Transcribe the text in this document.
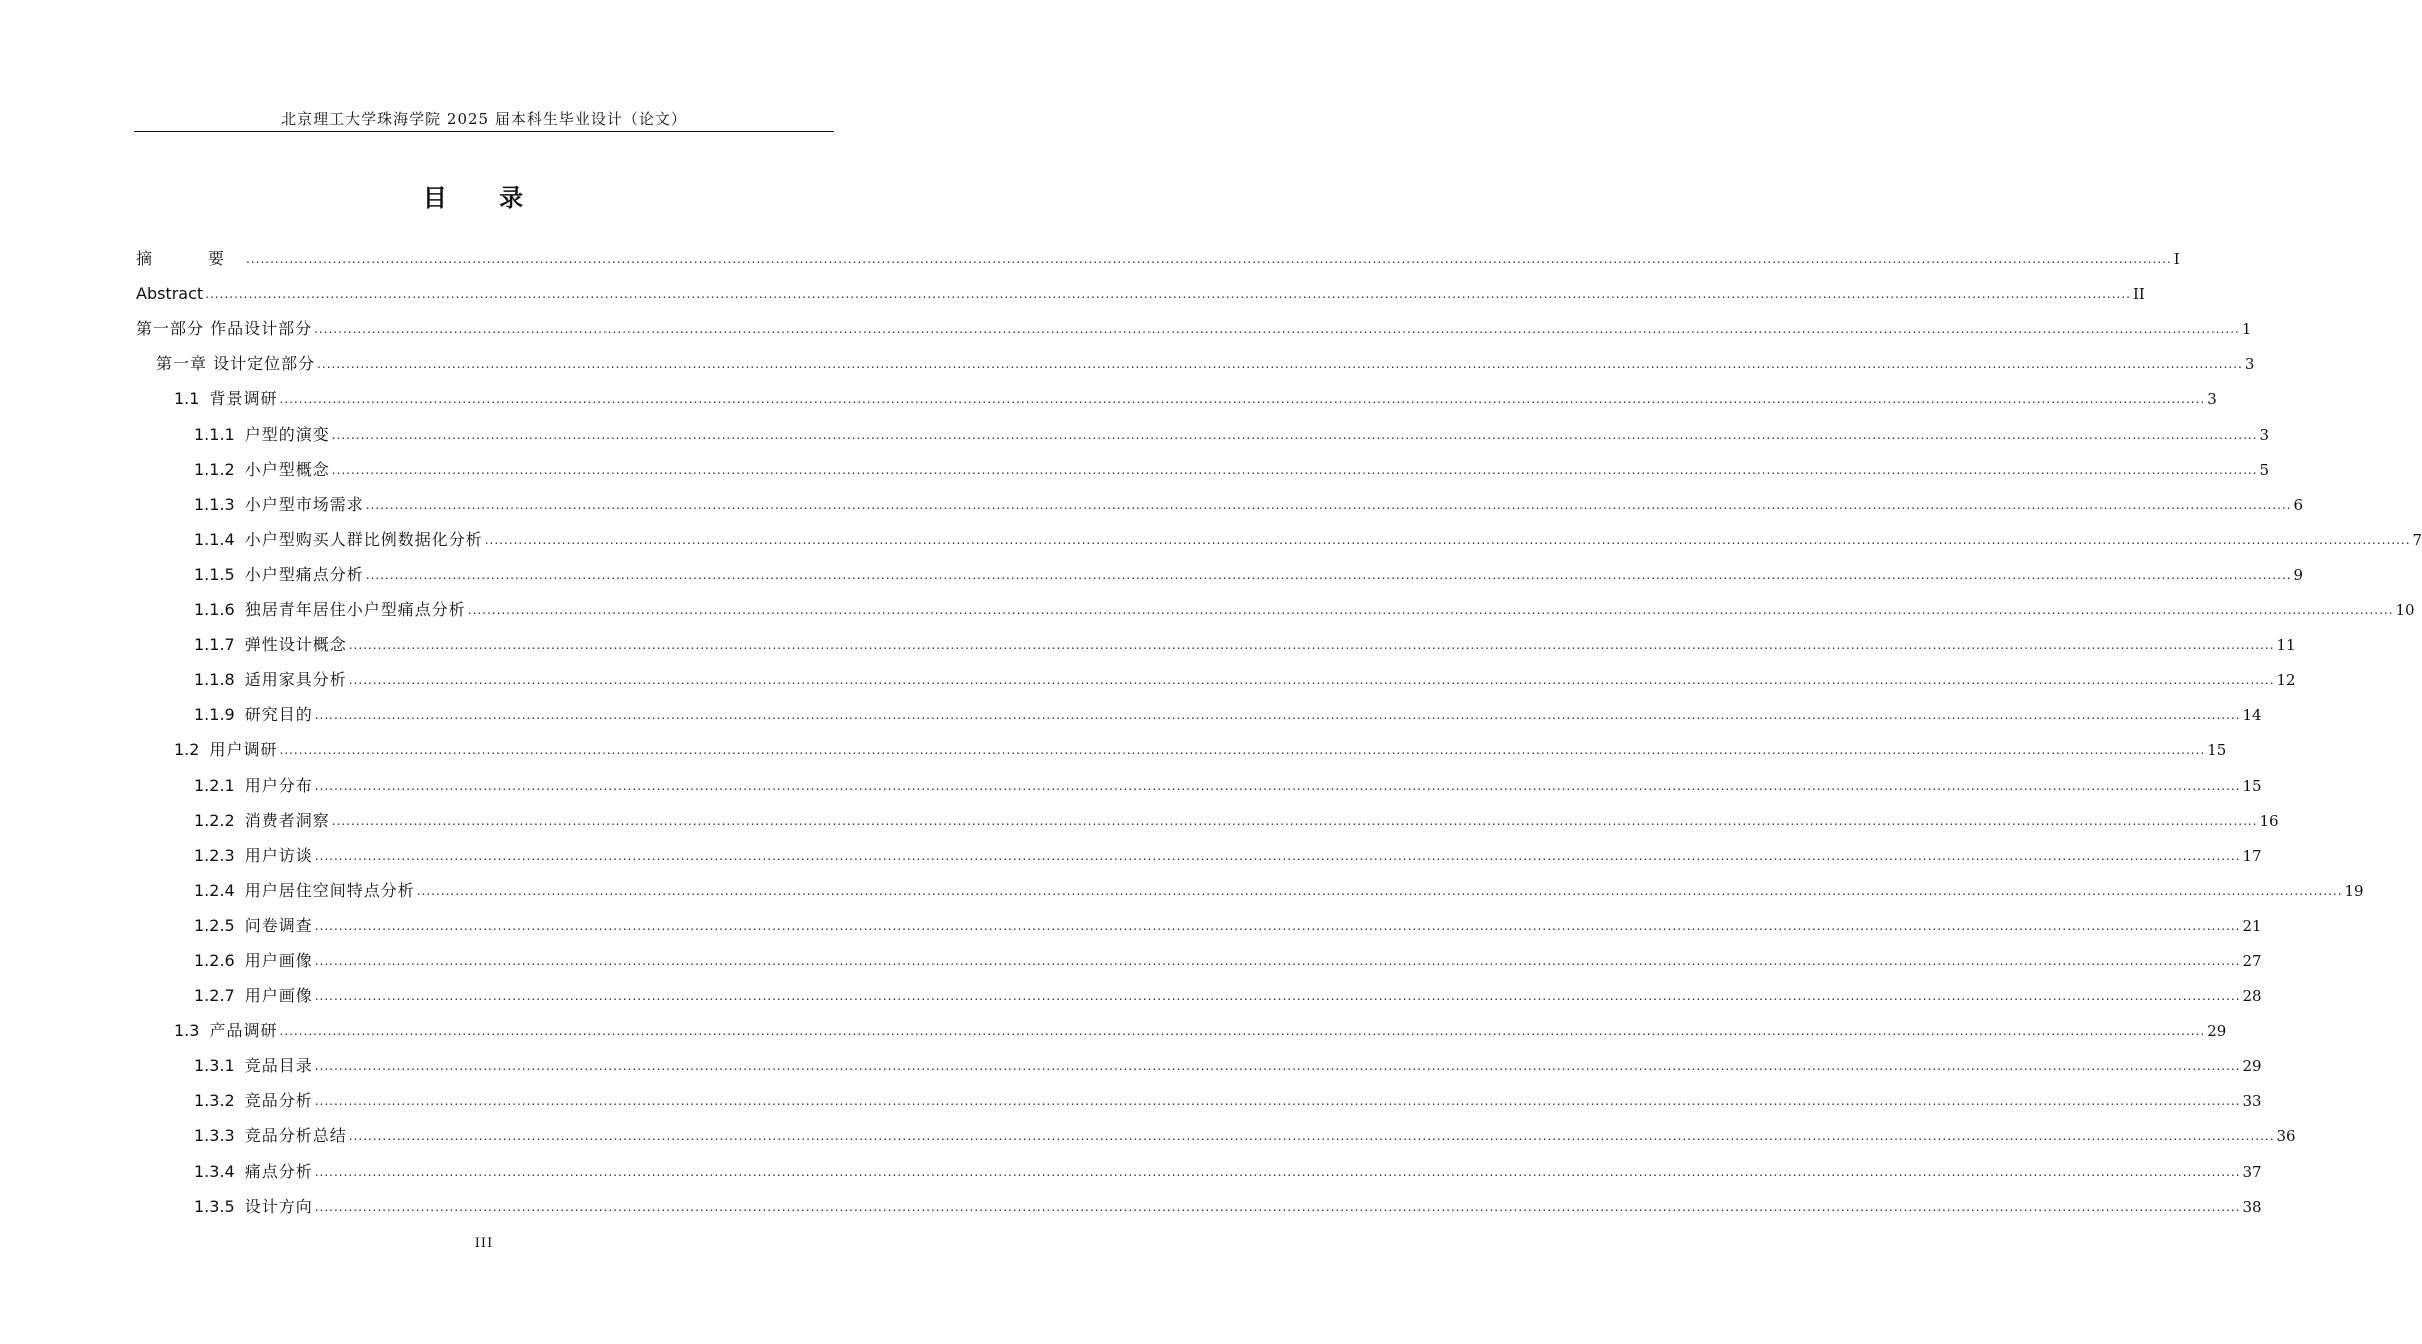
北京理工大学珠海学院 2025 届本科生毕业设计（论文）
目 录
摘　要 ................................................................................................................................................................................................................................................................................................................................................................................................................ I
Abstract ................................................................................................................................................................................................................................................................................................................................................................................................................ II
第一部分 作品设计部分 ................................................................................................................................................................................................................................................................................................................................................................................................................ 1
第一章 设计定位部分 ................................................................................................................................................................................................................................................................................................................................................................................................................ 3
1.1 背景调研 ................................................................................................................................................................................................................................................................................................................................................................................................................ 3
1.1.1 户型的演变 ................................................................................................................................................................................................................................................................................................................................................................................................................ 3
1.1.2 小户型概念 ................................................................................................................................................................................................................................................................................................................................................................................................................ 5
1.1.3 小户型市场需求 ................................................................................................................................................................................................................................................................................................................................................................................................................ 6
1.1.4 小户型购买人群比例数据化分析 ................................................................................................................................................................................................................................................................................................................................................................................................................ 7
1.1.5 小户型痛点分析 ................................................................................................................................................................................................................................................................................................................................................................................................................ 9
1.1.6 独居青年居住小户型痛点分析 ................................................................................................................................................................................................................................................................................................................................................................................................................ 10
1.1.7 弹性设计概念 ................................................................................................................................................................................................................................................................................................................................................................................................................ 11
1.1.8 适用家具分析 ................................................................................................................................................................................................................................................................................................................................................................................................................ 12
1.1.9 研究目的 ................................................................................................................................................................................................................................................................................................................................................................................................................ 14
1.2 用户调研 ................................................................................................................................................................................................................................................................................................................................................................................................................ 15
1.2.1 用户分布 ................................................................................................................................................................................................................................................................................................................................................................................................................ 15
1.2.2 消费者洞察 ................................................................................................................................................................................................................................................................................................................................................................................................................ 16
1.2.3 用户访谈 ................................................................................................................................................................................................................................................................................................................................................................................................................ 17
1.2.4 用户居住空间特点分析 ................................................................................................................................................................................................................................................................................................................................................................................................................ 19
1.2.5 问卷调查 ................................................................................................................................................................................................................................................................................................................................................................................................................ 21
1.2.6 用户画像 ................................................................................................................................................................................................................................................................................................................................................................................................................ 27
1.2.7 用户画像 ................................................................................................................................................................................................................................................................................................................................................................................................................ 28
1.3 产品调研 ................................................................................................................................................................................................................................................................................................................................................................................................................ 29
1.3.1 竞品目录 ................................................................................................................................................................................................................................................................................................................................................................................................................ 29
1.3.2 竞品分析 ................................................................................................................................................................................................................................................................................................................................................................................................................ 33
1.3.3 竞品分析总结 ................................................................................................................................................................................................................................................................................................................................................................................................................ 36
1.3.4 痛点分析 ................................................................................................................................................................................................................................................................................................................................................................................................................ 37
1.3.5 设计方向 ................................................................................................................................................................................................................................................................................................................................................................................................................ 38
III
